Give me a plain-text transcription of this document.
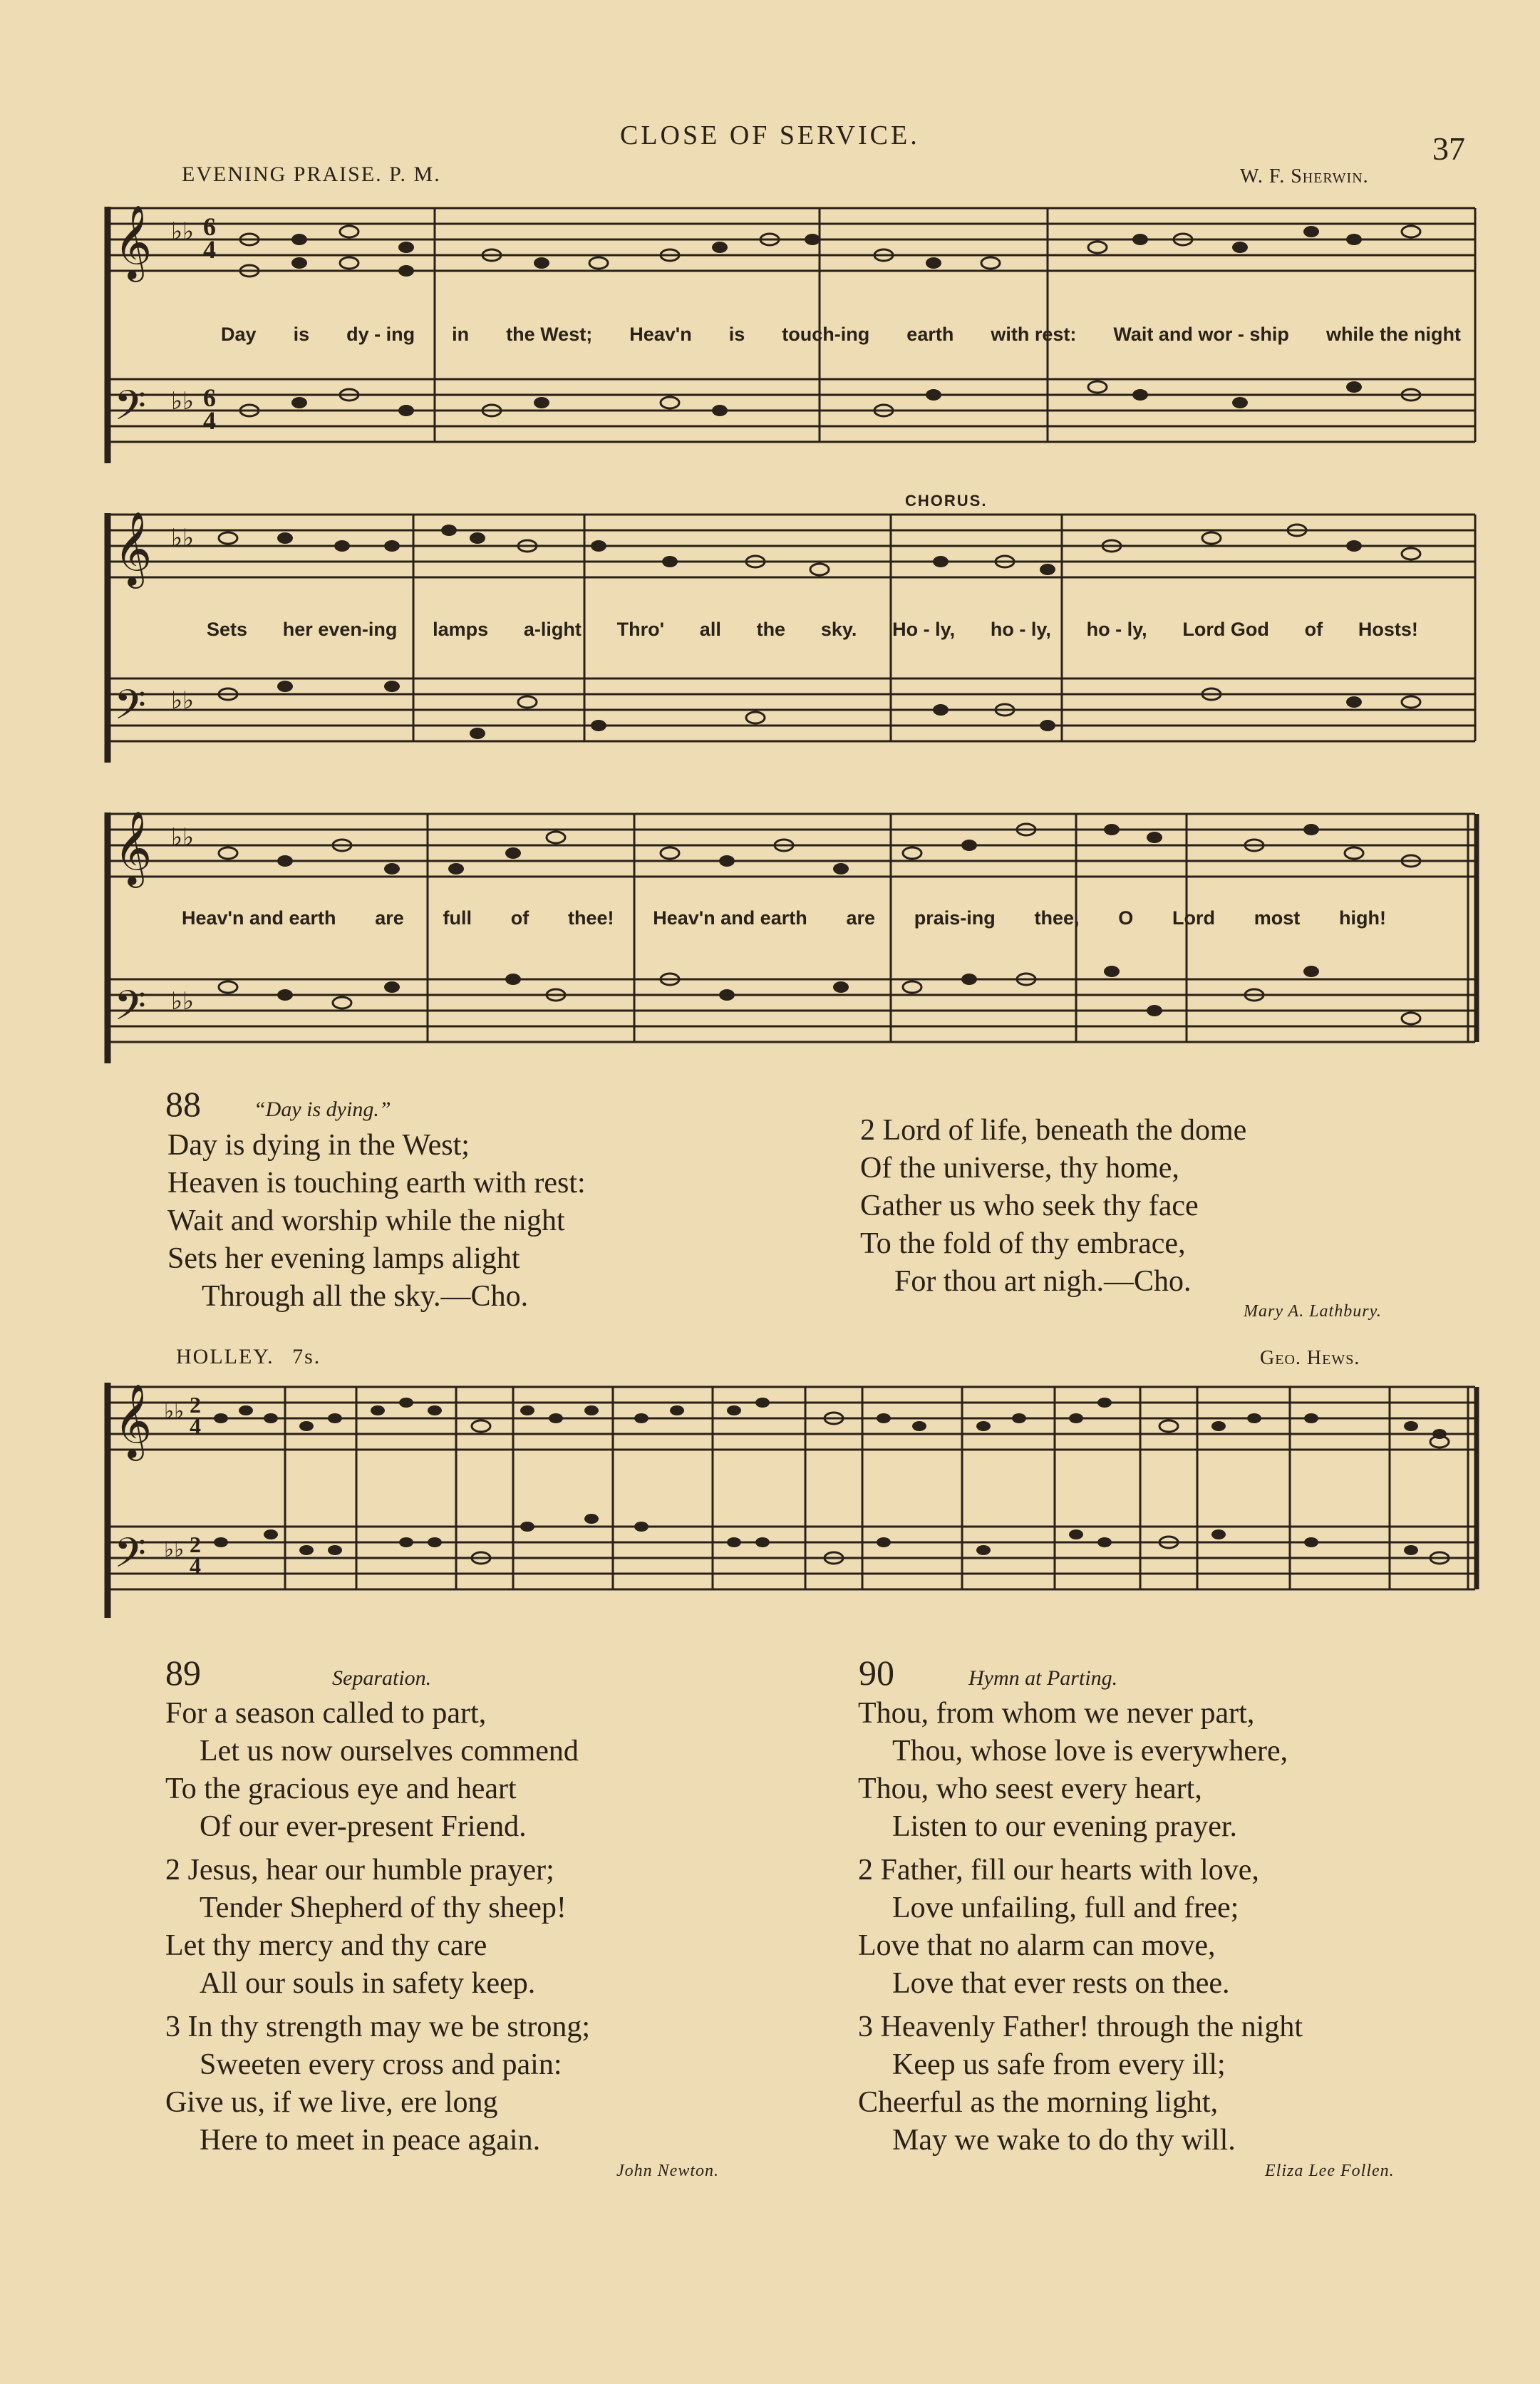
CLOSE OF SERVICE.	37
EVENING PRAISE. P. M.	W. F. Sherwin.
𝄞
𝄢
♭♭ 6
4
♭♭ 6
4
Day is dy - ing in the West; Heav'n is touch-ing earth with rest: Wait and wor - ship while the night
CHORUS.
𝄞
𝄢
♭♭
♭♭
Sets her even-ing lamps a-light Thro' all the sky. Ho - ly, ho - ly, ho - ly, Lord God of Hosts!
𝄞
𝄢
♭♭
♭♭
Heav'n and earth are full of thee! Heav'n and earth are prais-ing thee, O Lord most high!
88 “Day is dying.”
Day is dying in the West;
Heaven is touching earth with rest:
Wait and worship while the night
Sets her evening lamps alight
Through all the sky.—Cho.
2 Lord of life, beneath the dome
Of the universe, thy home,
Gather us who seek thy face
To the fold of thy embrace,
For thou art nigh.—Cho.
Mary A. Lathbury.
HOLLEY. 7s.	Geo. Hews.
𝄞
𝄢
♭♭ 2
4
♭♭ 2
4
89	Separation.
For a season called to part,
Let us now ourselves commend
To the gracious eye and heart
Of our ever-present Friend.
2 Jesus, hear our humble prayer;
Tender Shepherd of thy sheep!
Let thy mercy and thy care
All our souls in safety keep.
3 In thy strength may we be strong;
Sweeten every cross and pain:
Give us, if we live, ere long
Here to meet in peace again.
John Newton.
90	Hymn at Parting.
Thou, from whom we never part,
Thou, whose love is everywhere,
Thou, who seest every heart,
Listen to our evening prayer.
2 Father, fill our hearts with love,
Love unfailing, full and free;
Love that no alarm can move,
Love that ever rests on thee.
3 Heavenly Father! through the night
Keep us safe from every ill;
Cheerful as the morning light,
May we wake to do thy will.
Eliza Lee Follen.
